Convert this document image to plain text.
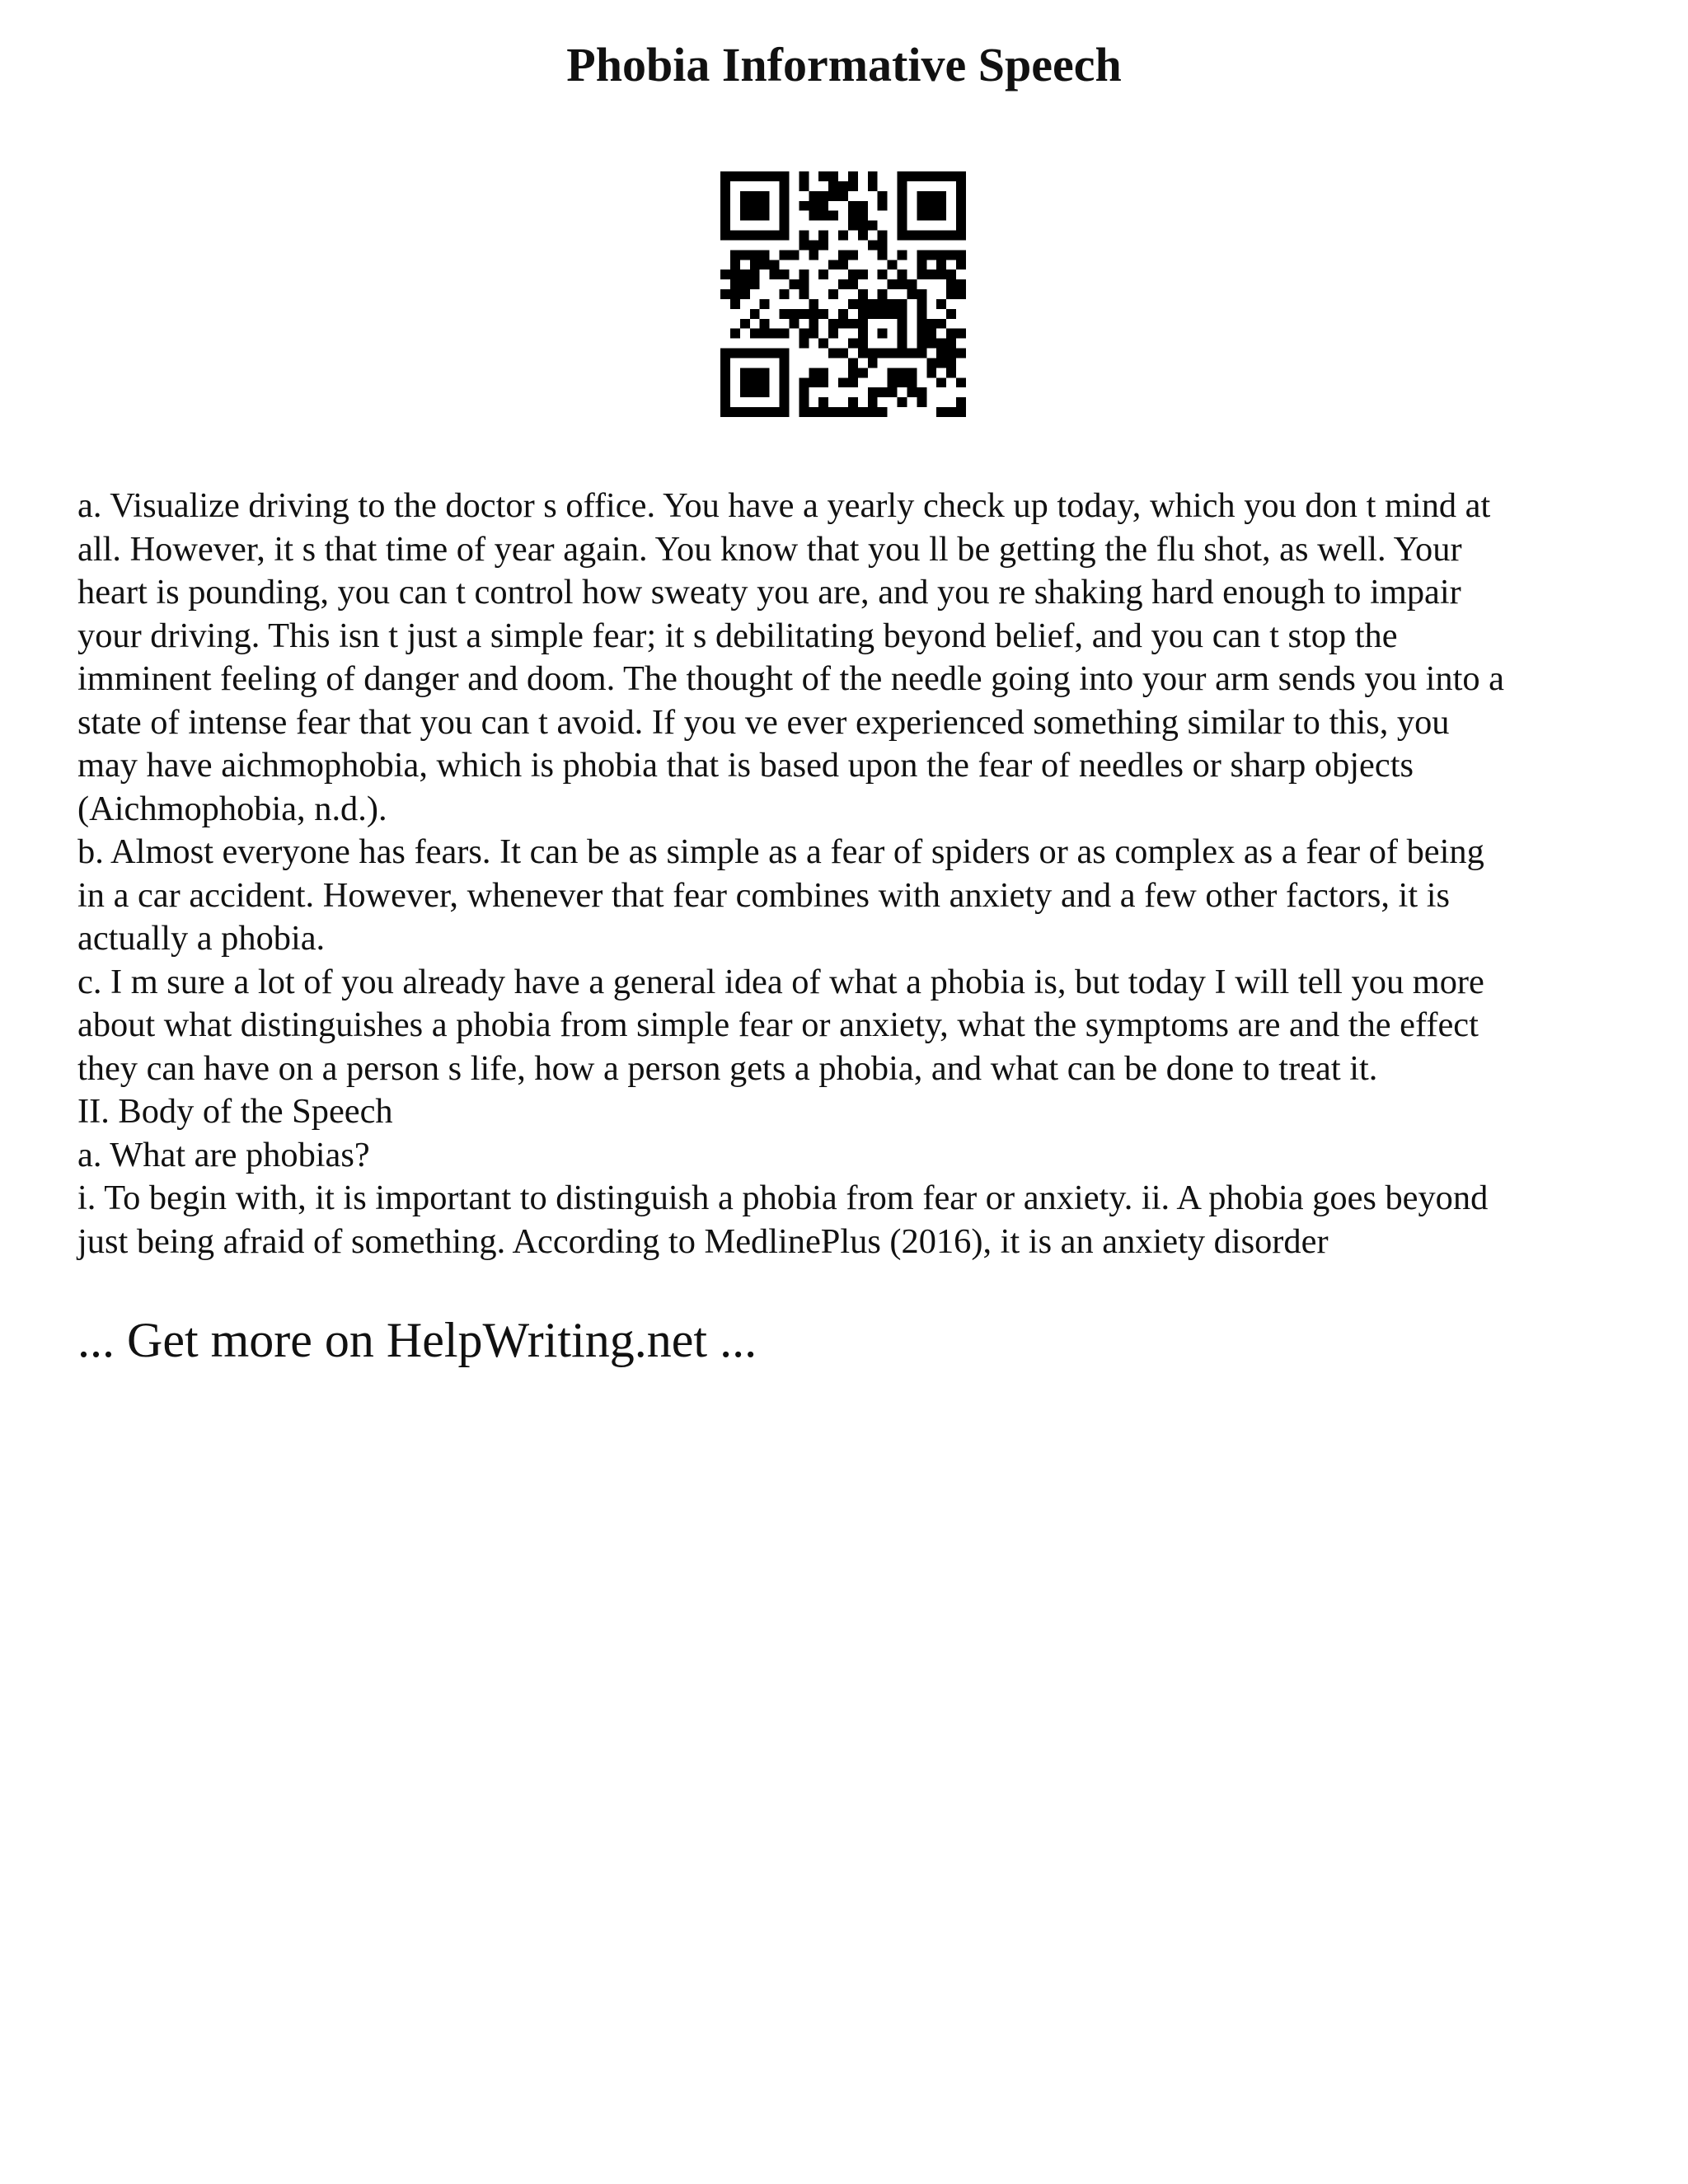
Phobia Informative Speech
a. Visualize driving to the doctor s office. You have a yearly check up today, which you don t mind at
all. However, it s that time of year again. You know that you ll be getting the flu shot, as well. Your
heart is pounding, you can t control how sweaty you are, and you re shaking hard enough to impair
your driving. This isn t just a simple fear; it s debilitating beyond belief, and you can t stop the
imminent feeling of danger and doom. The thought of the needle going into your arm sends you into a
state of intense fear that you can t avoid. If you ve ever experienced something similar to this, you
may have aichmophobia, which is phobia that is based upon the fear of needles or sharp objects
(Aichmophobia, n.d.).
b. Almost everyone has fears. It can be as simple as a fear of spiders or as complex as a fear of being
in a car accident. However, whenever that fear combines with anxiety and a few other factors, it is
actually a phobia.
c. I m sure a lot of you already have a general idea of what a phobia is, but today I will tell you more
about what distinguishes a phobia from simple fear or anxiety, what the symptoms are and the effect
they can have on a person s life, how a person gets a phobia, and what can be done to treat it.
II. Body of the Speech
a. What are phobias?
i. To begin with, it is important to distinguish a phobia from fear or anxiety. ii. A phobia goes beyond
just being afraid of something. According to MedlinePlus (2016), it is an anxiety disorder
... Get more on HelpWriting.net ...
